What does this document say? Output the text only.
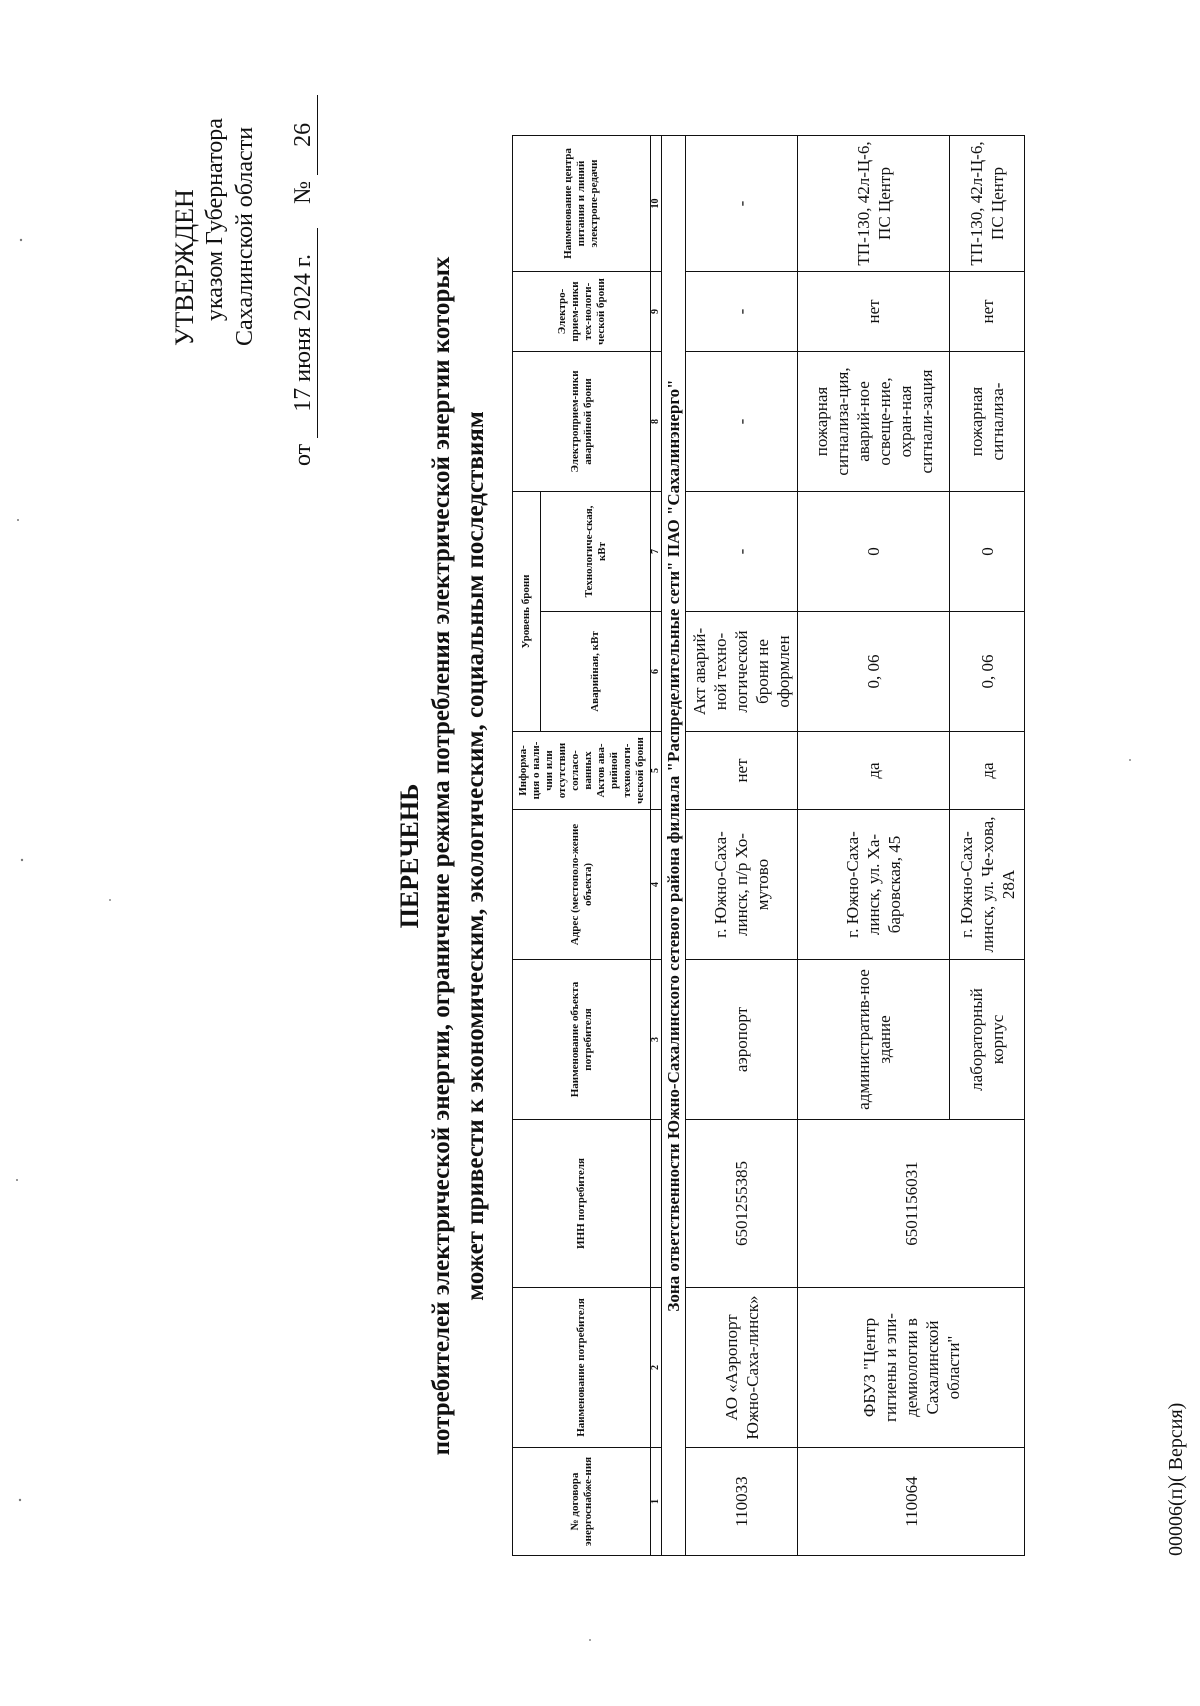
УТВЕРЖДЕН указом Губернатора Сахалинской области
от 17 июня 2024 г. № 26
ПЕРЕЧЕНЬ потребителей электрической энергии, ограничение режима потребления электрической энергии которых может привести к экономическим, экологическим, социальным последствиям
№ договора энергоснабже-ния	Наименование потребителя	ИНН потребителя	Наименование объекта потребителя	Адрес (местополо-жение объекта)	Информа-ция о нали-чии или отсутствии согласо-ванных Актов ава-рийной технологи-ческой брони	Уровень брони		Электроприем-ники аварийной брони	Электро-прием-ники тех-нологи-ческой брони	Наименование центра питания и линий электропе-редачи
						Аварийная, кВт	Технологиче-ская, кВт			
1	2		3	4	5	6	7	8	9	10
Зона ответственности Южно-Сахалинского сетевого района филиала "Распределительные сети" ПАО "Сахалинэнерго"										
110033	АО «Аэропорт Южно-Саха-линск»	6501255385	аэропорт	г. Южно-Саха-линск, п/р Хо-мутово	нет	Акт аварий-ной техно-логической брони не оформлен	-	-	-	-
110064	ФБУЗ "Центр гигиены и эпи-демиологии в Сахалинской области"	6501156031	административ-ное здание	г. Южно-Саха-линск, ул. Ха-баровская, 45	да	0, 06	0	пожарная сигнализа-ция, аварий-ное освеще-ние, охран-ная сигнали-зация	нет	ТП-130, 42л-Ц-6, ПС Центр
			лабораторный корпус	г. Южно-Саха-линск, ул. Че-хова, 28А	да	0, 06	0	пожарная сигнализа-	нет	ТП-130, 42л-Ц-6, ПС Центр
00006(п)( Версия)
